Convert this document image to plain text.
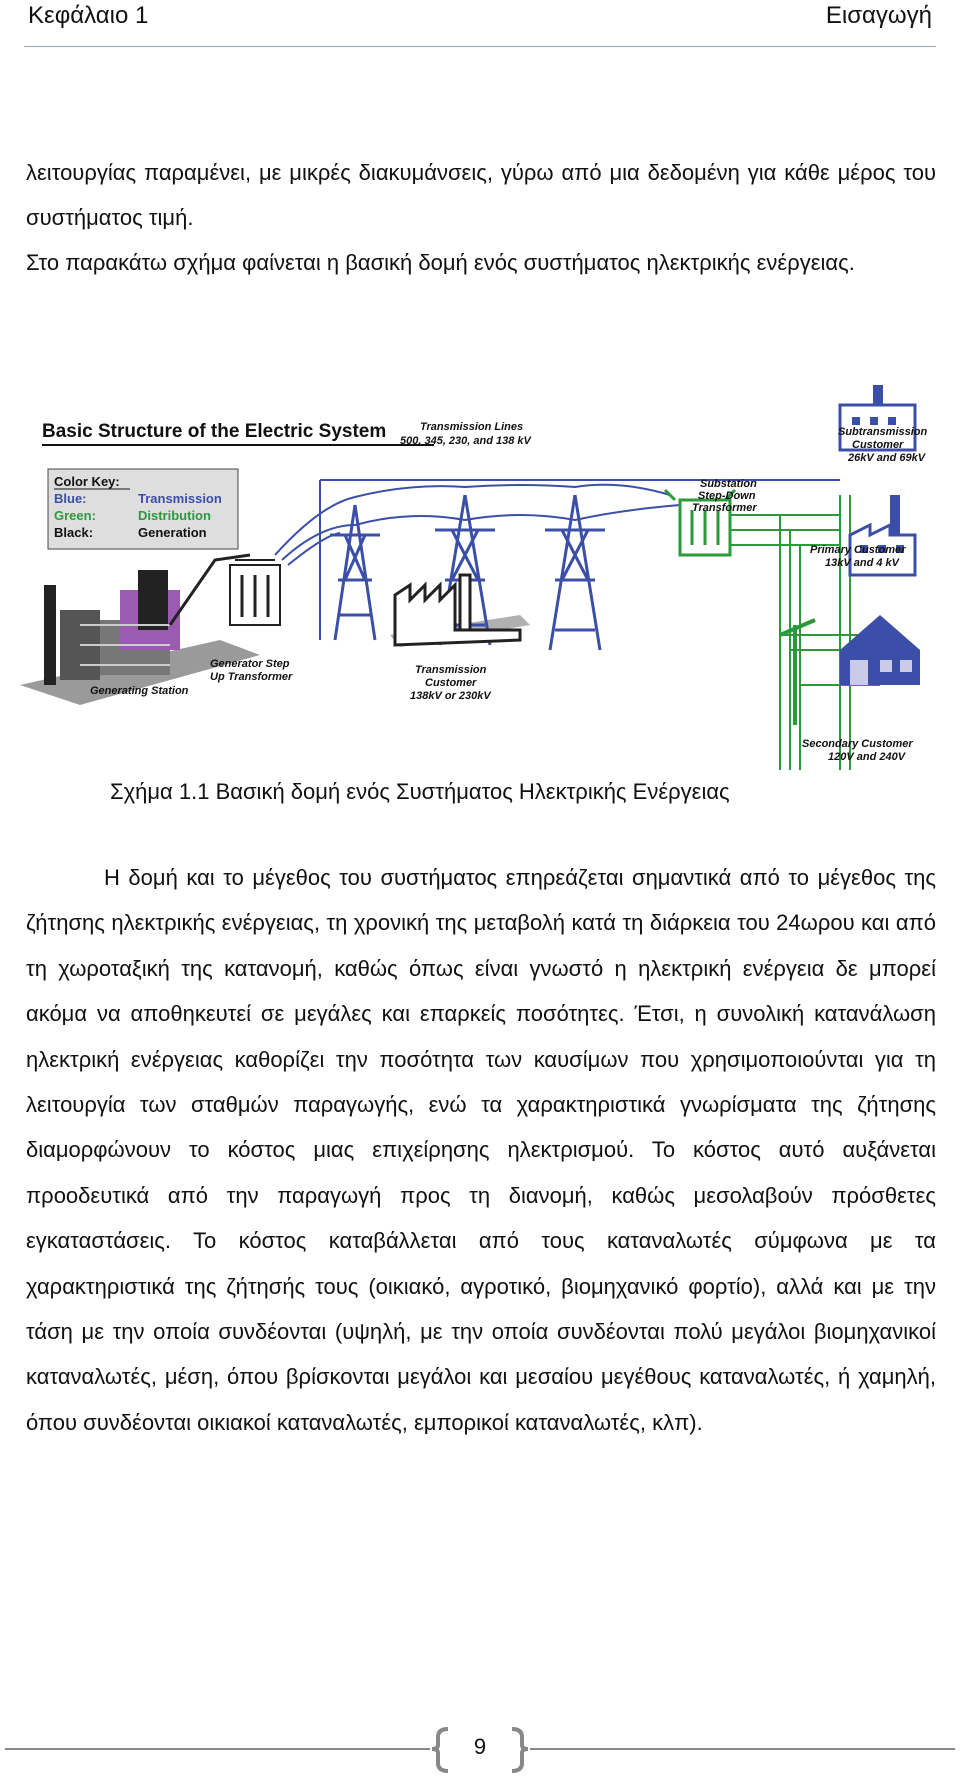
Κεφάλαιο 1	Εισαγωγή
λειτουργίας παραμένει, με μικρές διακυμάνσεις, γύρω από μια δεδομένη για κάθε μέρος του συστήματος τιμή.
Στο παρακάτω σχήμα φαίνεται η βασική δομή ενός συστήματος ηλεκτρικής ενέργειας.
Basic Structure of the Electric System
Color Key:
Blue:	Transmission
Green:	Distribution
Black:	Generation
Transmission Lines
500, 345, 230, and 138 kV
Subtransmission
Customer
26kV and 69kV
Substation
Step-Down
Transformer
Primary Customer
13kV and 4 kV
Generator Step
Up Transformer
Generating Station
Transmission
Customer
138kV or 230kV
Secondary Customer
120V and 240V
Σχήμα 1.1 Βασική δομή ενός Συστήματος Ηλεκτρικής Ενέργειας
Η δομή και το μέγεθος του συστήματος επηρεάζεται σημαντικά από το μέγεθος της ζήτησης ηλεκτρικής ενέργειας, τη χρονική της μεταβολή κατά τη διάρκεια του 24ωρου και από τη χωροταξική της κατανομή, καθώς όπως είναι γνωστό η ηλεκτρική ενέργεια δε μπορεί ακόμα να αποθηκευτεί σε μεγάλες και επαρκείς ποσότητες. Έτσι, η συνολική κατανάλωση ηλεκτρική ενέργειας καθορίζει την ποσότητα των καυσίμων που χρησιμοποιούνται για τη λειτουργία των σταθμών παραγωγής, ενώ τα χαρακτηριστικά γνωρίσματα της ζήτησης διαμορφώνουν το κόστος μιας επιχείρησης ηλεκτρισμού. Το κόστος αυτό αυξάνεται προοδευτικά από την παραγωγή προς τη διανομή, καθώς μεσολαβούν πρόσθετες εγκαταστάσεις. Το κόστος καταβάλλεται από τους καταναλωτές σύμφωνα με τα χαρακτηριστικά της ζήτησής τους (οικιακό, αγροτικό, βιομηχανικό φορτίο), αλλά και με την τάση με την οποία συνδέονται (υψηλή, με την οποία συνδέονται πολύ μεγάλοι βιομηχανικοί καταναλωτές, μέση, όπου βρίσκονται μεγάλοι και μεσαίου μεγέθους καταναλωτές, ή χαμηλή, όπου συνδέονται οικιακοί καταναλωτές, εμπορικοί καταναλωτές, κλπ).
9
